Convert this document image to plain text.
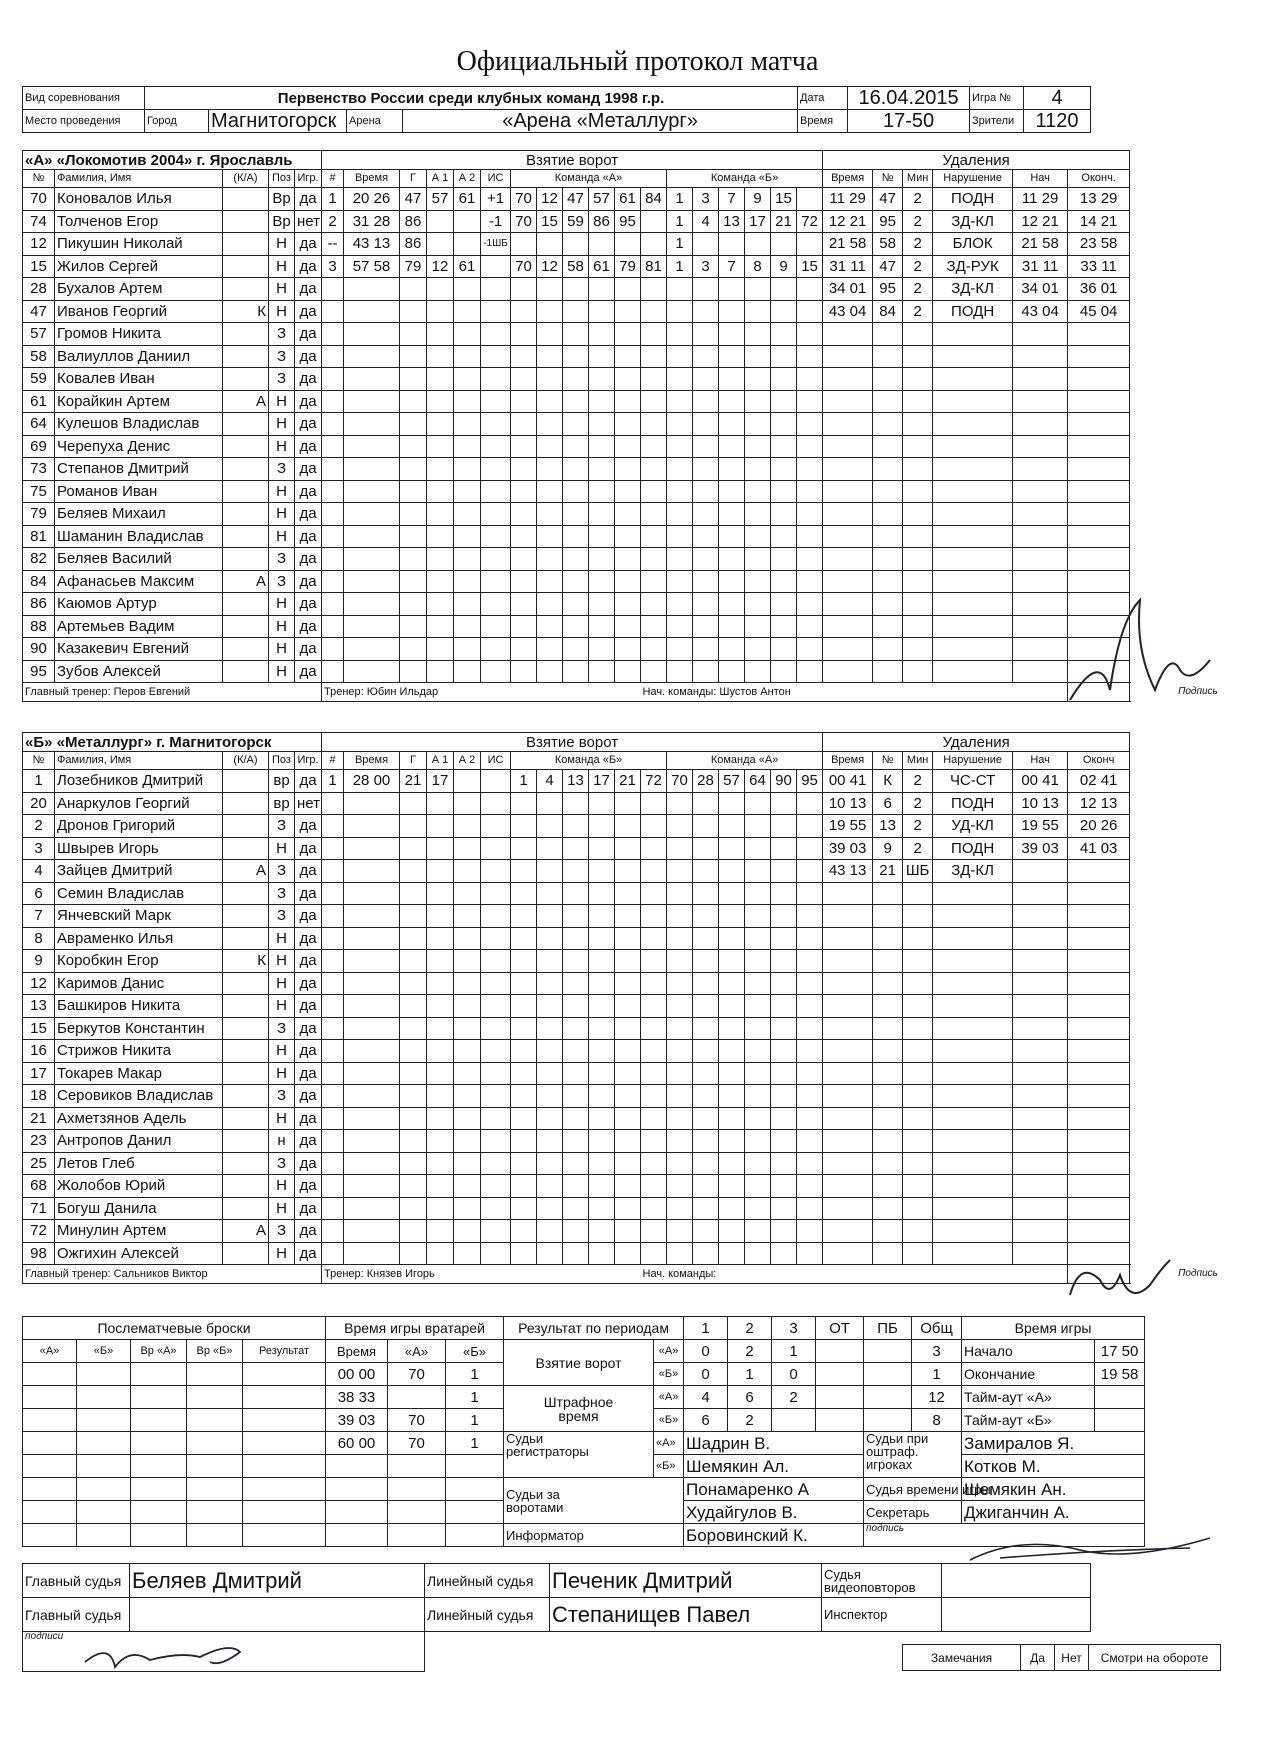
Официальный протокол матча
Вид соревнования	Первенство России среди клубных команд 1998 г.р.				Дата	16.04.2015	Игра №	4
Место проведения	Город	Магнитогорск	Арена	«Арена «Металлург»	Время	17-50	Зрители	1120
«А» «Локомотив 2004» г. Ярославль					Взятие ворот																		Удаления					
№	Фамилия, Имя	(К/А)	Поз	Игр.	#	Время	Г	А 1	А 2	ИС	Команда «А»						Команда «Б»						Время	№	Мин	Нарушение	Нач	Оконч.
70	Коновалов Илья		Вр	да	1	20 26	47	57	61	+1	70	12	47	57	61	84	1	3	7	9	15		11 29	47	2	ПОДН	11 29	13 29
74	Толченов Егор		Вр	нет	2	31 28	86			-1	70	15	59	86	95		1	4	13	17	21	72	12 21	95	2	ЗД-КЛ	12 21	14 21
12	Пикушин Николай		Н	да	--	43 13	86			-1ШБ							1						21 58	58	2	БЛОК	21 58	23 58
15	Жилов Сергей		Н	да	3	57 58	79	12	61		70	12	58	61	79	81	1	3	7	8	9	15	31 11	47	2	ЗД-РУК	31 11	33 11
28	Бухалов Артем		Н	да																			34 01	95	2	ЗД-КЛ	34 01	36 01
47	Иванов Георгий	К	Н	да																			43 04	84	2	ПОДН	43 04	45 04
57	Громов Никита		З	да																								
58	Валиуллов Даниил		З	да																								
59	Ковалев Иван		З	да																								
61	Корайкин Артем	А	Н	да																								
64	Кулешов Владислав		Н	да																								
69	Черепуха Денис		Н	да																								
73	Степанов Дмитрий		З	да																								
75	Романов Иван		Н	да																								
79	Беляев Михаил		Н	да																								
81	Шаманин Владислав		Н	да																								
82	Беляев Василий		З	да																								
84	Афанасьев Максим	А	З	да																								
86	Каюмов Артур		Н	да																								
88	Артемьев Вадим		Н	да																								
90	Казакевич Евгений		Н	да																								
95	Зубов Алексей		Н	да																								
Главный тренер: Перов Евгений					Тренер: Юбин Ильдар											Нач. команды: Шустов Антон												Подпись
«Б» «Металлург» г. Магнитогорск					Взятие ворот																		Удаления					
№	Фамилия, Имя	(К/А)	Поз	Игр.	#	Время	Г	А 1	А 2	ИС	Команда «Б»						Команда «А»						Время	№	Мин	Нарушение	Нач	Оконч
1	Лозебников Дмитрий		вр	да	1	28 00	21	17			1	4	13	17	21	72	70	28	57	64	90	95	00 41	К	2	ЧС-СТ	00 41	02 41
20	Анаркулов Георгий		вр	нет																			10 13	6	2	ПОДН	10 13	12 13
2	Дронов Григорий		З	да																			19 55	13	2	УД-КЛ	19 55	20 26
3	Швырев Игорь		Н	да																			39 03	9	2	ПОДН	39 03	41 03
4	Зайцев Дмитрий	А	З	да																			43 13	21	ШБ	ЗД-КЛ		
6	Семин Владислав		З	да																								
7	Янчевский Марк		З	да																								
8	Авраменко Илья		Н	да																								
9	Коробкин Егор	К	Н	да																								
12	Каримов Данис		Н	да																								
13	Башкиров Никита		Н	да																								
15	Беркутов Константин		З	да																								
16	Стрижов Никита		Н	да																								
17	Токарев Макар		Н	да																								
18	Серовиков Владислав		З	да																								
21	Ахметзянов Адель		Н	да																								
23	Антропов Данил		н	да																								
25	Летов Глеб		З	да																								
68	Жолобов Юрий		Н	да																								
71	Богуш Данила		Н	да																								
72	Минулин Артем	А	З	да																								
98	Ожгихин Алексей		Н	да																								
Главный тренер: Сальников Виктор					Тренер: Князев Игорь											Нач. команды:												Подпись
Послематчевые броски					Время игры вратарей			Результат по периодам		1	2	3	ОТ	ПБ	Общ	Время игры	
«А»	«Б»	Вр «А»	Вр «Б»	Результат	Время	«А»	«Б»	Взятие ворот	«А»	0	2	1			3	Начало	17 50
					00 00	70	1		«Б»	0	1	0			1	Окончание	19 58
					38 33		1	Штрафное время	«А»	4	6	2			12	Тайм-аут «А»	
					39 03	70	1		«Б»	6	2				8	Тайм-аут «Б»	
					60 00	70	1	Судьи регистраторы	«А»	Шадрин В.				Судьи при оштраф. игроках		Замиралов Я.	
									«Б»	Шемякин Ал.						Котков М.	
								Судьи за воротами		Понамаренко А				Судья времени игры		Шемякин Ан.	
										Худайгулов В.				Секретарь		Джиганчин А.	
								Информатор		Боровинский К.				подпись			
Главный судья	Беляев Дмитрий	Линейный судья	Печеник Дмитрий	Судья видеоповторов	
Главный судья		Линейный судья	Степанищев Павел	Инспектор	
подписи					
Замечания	Да	Нет	Смотри на обороте
